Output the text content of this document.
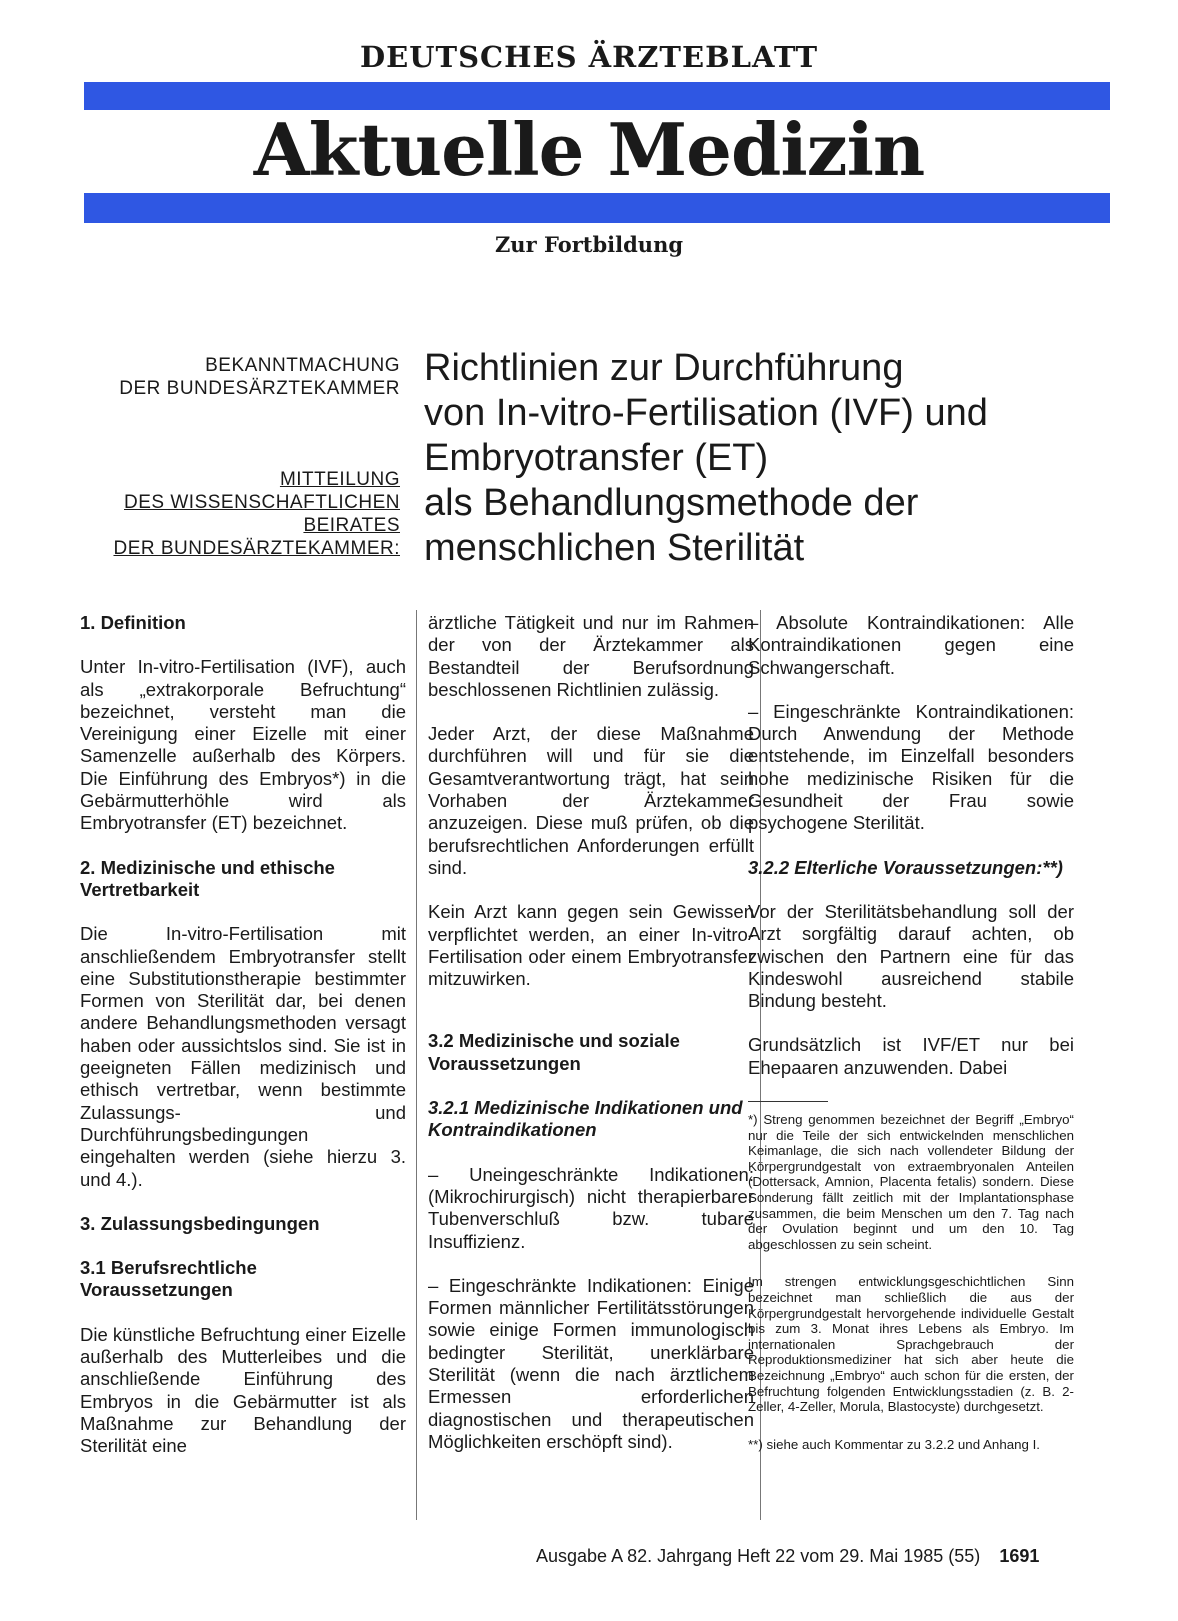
DEUTSCHES ÄRZTEBLATT
Aktuelle Medizin
Zur Fortbildung
BEKANNTMACHUNG
DER BUNDESÄRZTEKAMMER
MITTEILUNG
DES WISSENSCHAFTLICHEN
BEIRATES
DER BUNDESÄRZTEKAMMER:
Richtlinien zur Durchführung
von In-vitro-Fertilisation (IVF) und
Embryotransfer (ET)
als Behandlungsmethode der
menschlichen Sterilität
1. Definition

Unter In-vitro-Fertilisation (IVF), auch als „extrakorporale Befruchtung“ bezeichnet, versteht man die Vereinigung einer Eizelle mit einer Samenzelle außerhalb des Körpers. Die Einführung des Embryos*) in die Gebärmutterhöhle wird als Embryotransfer (ET) bezeichnet.

2. Medizinische und ethische Vertretbarkeit

Die In-vitro-Fertilisation mit anschließendem Embryotransfer stellt eine Substitutionstherapie bestimmter Formen von Sterilität dar, bei denen andere Behandlungsmethoden versagt haben oder aussichtslos sind. Sie ist in geeigneten Fällen medizinisch und ethisch vertretbar, wenn bestimmte Zulassungs- und Durchführungsbedingungen eingehalten werden (siehe hierzu 3. und 4.).

3. Zulassungsbedingungen
3.1 Berufsrechtliche Voraussetzungen

Die künstliche Befruchtung einer Eizelle außerhalb des Mutterleibes und die anschließende Einführung des Embryos in die Gebärmutter ist als Maßnahme zur Behandlung der Sterilität eine

ärztliche Tätigkeit und nur im Rahmen der von der Ärztekammer als Bestandteil der Berufsordnung beschlossenen Richtlinien zulässig.

Jeder Arzt, der diese Maßnahme durchführen will und für sie die Gesamtverantwortung trägt, hat sein Vorhaben der Ärztekammer anzuzeigen. Diese muß prüfen, ob die berufsrechtlichen Anforderungen erfüllt sind.

Kein Arzt kann gegen sein Gewissen verpflichtet werden, an einer In-vitro-Fertilisation oder einem Embryotransfer mitzuwirken.

3.2 Medizinische und soziale Voraussetzungen
3.2.1 Medizinische Indikationen und Kontraindikationen

– Uneingeschränkte Indikationen: (Mikrochirurgisch) nicht therapierbarer Tubenverschluß bzw. tubare Insuffizienz.

– Eingeschränkte Indikationen: Einige Formen männlicher Fertilitätsstörungen sowie einige Formen immunologisch bedingter Sterilität, unerklärbare Sterilität (wenn die nach ärztlichem Ermessen erforderlichen diagnostischen und therapeutischen Möglichkeiten erschöpft sind).

– Absolute Kontraindikationen: Alle Kontraindikationen gegen eine Schwangerschaft.

– Eingeschränkte Kontraindikationen: Durch Anwendung der Methode entstehende, im Einzelfall besonders hohe medizinische Risiken für die Gesundheit der Frau sowie psychogene Sterilität.

3.2.2 Elterliche Voraussetzungen:**)

Vor der Sterilitätsbehandlung soll der Arzt sorgfältig darauf achten, ob zwischen den Partnern eine für das Kindeswohl ausreichend stabile Bindung besteht.

Grundsätzlich ist IVF/ET nur bei Ehepaaren anzuwenden. Dabei

*) Streng genommen bezeichnet der Begriff „Embryo“ nur die Teile der sich entwickelnden menschlichen Keimanlage, die sich nach vollendeter Bildung der Körpergrundgestalt von extraembryonalen Anteilen (Dottersack, Amnion, Placenta fetalis) sondern. Diese Sonderung fällt zeitlich mit der Implantationsphase zusammen, die beim Menschen um den 7. Tag nach der Ovulation beginnt und um den 10. Tag abgeschlossen zu sein scheint.

Im strengen entwicklungsgeschichtlichen Sinn bezeichnet man schließlich die aus der Körpergrundgestalt hervorgehende individuelle Gestalt bis zum 3. Monat ihres Lebens als Embryo. Im internationalen Sprachgebrauch der Reproduktionsmediziner hat sich aber heute die Bezeichnung „Embryo“ auch schon für die ersten, der Befruchtung folgenden Entwicklungsstadien (z. B. 2-Zeller, 4-Zeller, Morula, Blastocyste) durchgesetzt.

**) siehe auch Kommentar zu 3.2.2 und Anhang I.

Ausgabe A 82. Jahrgang Heft 22 vom 29. Mai 1985 (55) 1691
